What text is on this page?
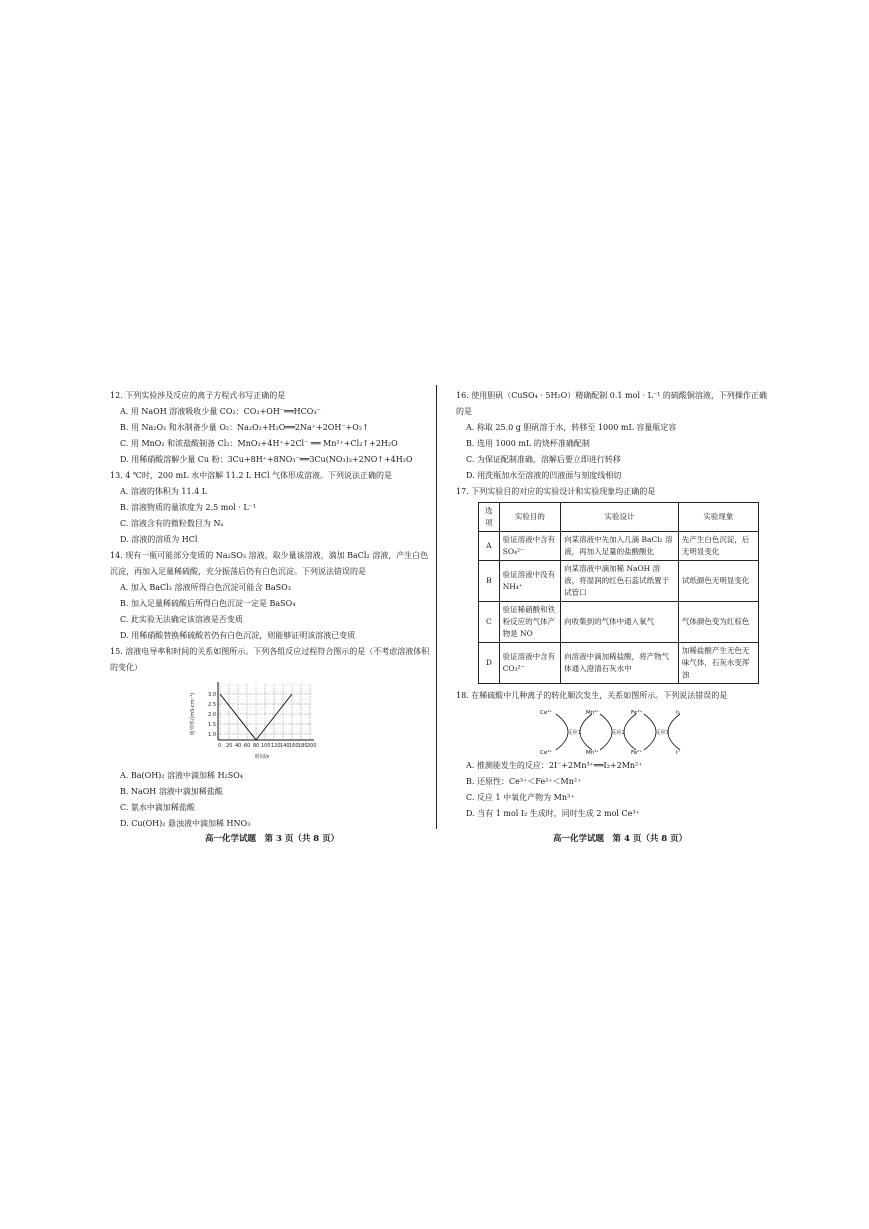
12. 下列实验涉及反应的离子方程式书写正确的是
A. 用 NaOH 溶液吸收少量 CO₂：CO₂+OH⁻══HCO₃⁻
B. 用 Na₂O₂ 和水制备少量 O₂：Na₂O₂+H₂O══2Na⁺+2OH⁻+O₂↑
C. 用 MnO₂ 和浓盐酸制备 Cl₂：MnO₂+4H⁺+2Cl⁻ ══ Mn²⁺+Cl₂↑+2H₂O
D. 用稀硝酸溶解少量 Cu 粉：3Cu+8H⁺+8NO₃⁻══3Cu(NO₃)₂+2NO↑+4H₂O
13. 4 ℃时，200 mL 水中溶解 11.2 L HCl 气体形成溶液。下列说法正确的是
A. 溶液的体积为 11.4 L
B. 溶液物质的量浓度为 2.5 mol · L⁻¹
C. 溶液含有的微粒数目为 Nₐ
D. 溶液的溶质为 HCl
14. 现有一瓶可能部分变质的 Na₂SO₃ 溶液。取少量该溶液，滴加 BaCl₂ 溶液，产生白色沉淀，再加入足量稀硫酸，充分振荡后仍有白色沉淀。下列说法错误的是
A. 加入 BaCl₂ 溶液所得白色沉淀可能含 BaSO₃
B. 加入足量稀硫酸后所得白色沉淀一定是 BaSO₄
C. 此实验无法确定该溶液是否变质
D. 用稀硝酸替换稀硫酸若仍有白色沉淀，则能够证明该溶液已变质
15. 溶液电导率和时间的关系如图所示。下列各组反应过程符合图示的是（不考虑溶液体积的变化）
电导率/(mS·cm⁻¹) 1.0
1.5
2.0
2.5
3.0
0 20 40 60 80 100 120 140 160 180 200
时间/s
A. Ba(OH)₂ 溶液中滴加稀 H₂SO₄
B. NaOH 溶液中滴加稀盐酸
C. 氨水中滴加稀盐酸
D. Cu(OH)₂ 悬浊液中滴加稀 HNO₃
16. 使用胆矾（CuSO₄ · 5H₂O）精确配制 0.1 mol · L⁻¹ 的硫酸铜溶液，下列操作正确的是
A. 称取 25.0 g 胆矾溶于水，转移至 1000 mL 容量瓶定容
B. 选用 1000 mL 的烧杯准确配制
C. 为保证配制准确，溶解后要立即进行转移
D. 用洗瓶加水至溶液的凹液面与刻度线相切
17. 下列实验目的对应的实验设计和实验现象均正确的是
选项	实验目的	实验设计	实验现象
A	验证溶液中含有 SO₄²⁻	向某溶液中先加入几滴 BaCl₂ 溶液，再加入足量的盐酸酸化	先产生白色沉淀，后无明显变化
B	验证溶液中没有 NH₄⁺	向某溶液中滴加稀 NaOH 溶液，将湿润的红色石蕊试纸置于试管口	试纸颜色无明显变化
C	验证稀硝酸和铁粉反应的气体产物是 NO	向收集到的气体中通入氧气	气体颜色变为红棕色
D	验证溶液中含有 CO₃²⁻	向溶液中滴加稀盐酸，将产物气体通入澄清石灰水中	加稀盐酸产生无色无味气体，石灰水变浑浊
18. 在稀硫酸中几种离子的转化顺次发生，关系如图所示。下列说法错误的是
Ce⁴⁺	Mn²⁺	Fe³⁺	I₂
Ce³⁺	Mn³⁺	Fe²⁺	I⁻
反应1	反应2	反应3
A. 推测能发生的反应：2I⁻+2Mn³⁺══I₂+2Mn²⁺
B. 还原性：Ce³⁺＜Fe²⁺＜Mn²⁺
C. 反应 1 中氧化产物为 Mn³⁺
D. 当有 1 mol I₂ 生成时，同时生成 2 mol Ce³⁺
高一化学试题　第 3 页（共 8 页）	高一化学试题　第 4 页（共 8 页）
